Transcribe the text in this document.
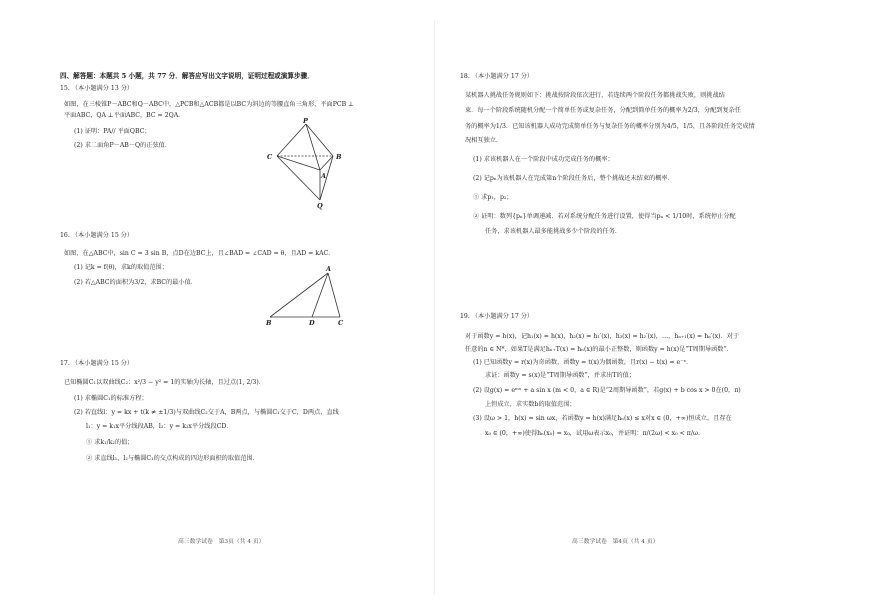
四、解答题：本题共 5 小题，共 77 分．解答应写出文字说明，证明过程或演算步骤．
15. （本小题满分 13 分）
如图，在三棱锥P－ABC和Q－ABC中，△PCB和△ACB都是以BC为斜边的等腰直角三角形，平面PCB ⊥
平面ABC，QA ⊥平面ABC，BC = 2QA．
(1) 证明：PA// 平面QBC；
(2) 求二面角P－AB－Q的正弦值．
P
C	B
A
Q
16. （本小题满分 15 分）
如图，在△ABC中，sin C = 3 sin B，点D在边BC上，且∠BAD = ∠CAD = θ，且AD = kAC．
(1) 记k = f(θ)，求k的取值范围；
(2) 若△ABC的面积为3/2，求BC的最小值．
A
B	D	C
17. （本小题满分 15 分）
已知椭圆C₁以双曲线C₂：x²/3 − y² = 1的实轴为长轴，且过点(1, 2/3)．
(1) 求椭圆C₁的标准方程；
(2) 若直线l：y = kx + t(k ≠ ±1/3)与双曲线C₂交于A，B两点，与椭圆C₁交于C，D两点，直线
l₁：y = k₁x平分线段AB，l₂：y = k₂x平分线段CD．
① 求k₁/k₂的值；
② 求直线l₁，l₂与椭圆C₁的交点构成的四边形面积的取值范围．
高三数学试卷　第3页（共 4 页）
18. （本小题满分 17 分）
某机器人挑战任务规则如下：挑战按阶段依次进行，若连续两个阶段任务都挑战失败，则挑战结
束．每一个阶段系统随机分配一个简单任务或复杂任务，分配到简单任务的概率为2/3，分配到复杂任
务的概率为1/3．已知该机器人成功完成简单任务与复杂任务的概率分别为4/5，1/5，且各阶段任务完成情
况相互独立．
(1) 求该机器人在一个阶段中成功完成任务的概率；
(2) 记pₙ为该机器人在完成第n个阶段任务后，整个挑战还未结束的概率．
① 求p₁，p₂；
② 证明：数列{pₙ}单调递减．若对系统分配任务进行设置，使得当pₙ < 1/10时，系统停止分配
任务，求该机器人最多能挑战多少个阶段的任务．
19. （本小题满分 17 分）
对于函数y = h(x)，记h₁(x) = h(x)，h₂(x) = h₁′(x)，h₃(x) = h₂′(x)，…，hₙ₊₁(x) = hₙ′(x)．对于
任意的n ∈ N*，如果T是满足hₙ₊T(x) = hₙ(x)的最小正整数，则函数y = h(x)是“T周期导函数”．
(1) 已知函数y = r(x)为奇函数，函数y = t(x)为偶函数，且r(x) − t(x) = e⁻ˣ．
求证：函数y = s(x)是“T周期导函数”，并求出T的值；
(2) 设g(x) = eᵐˣ + a sin x (m < 0，a ∈ R)是“2周期导函数”，若g(x) + b cos x > 0在(0，π)
上恒成立，求实数b的取值范围；
(3) 设ω > 1，h(x) = sin ωx，若函数y = h(x)满足hₙ(x) ≤ x对x ∈ (0，+∞)恒成立，且存在
x₀ ∈ (0，+∞)使得hₙ(x₀) = x₀，试用ω表示x₀，并证明：π/(2ω) < x₀ < π/ω．
高三数学试卷　第4页（共 4 页）
